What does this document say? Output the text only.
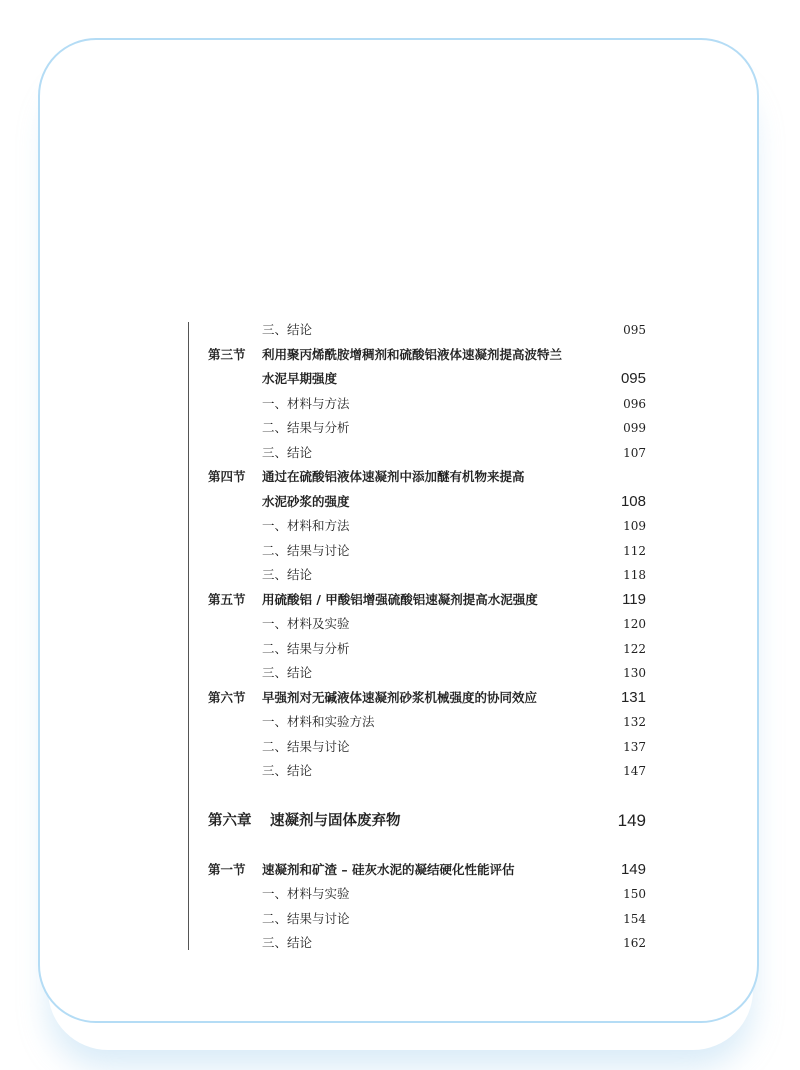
三、结论	095
第三节 利用聚丙烯酰胺增稠剂和硫酸铝液体速凝剂提高波特兰
水泥早期强度	095
一、材料与方法	096
二、结果与分析	099
三、结论	107
第四节 通过在硫酸铝液体速凝剂中添加醚有机物来提高
水泥砂浆的强度	108
一、材料和方法	109
二、结果与讨论	112
三、结论	118
第五节 用硫酸铝 / 甲酸铝增强硫酸铝速凝剂提高水泥强度	119
一、材料及实验	120
二、结果与分析	122
三、结论	130
第六节 早强剂对无碱液体速凝剂砂浆机械强度的协同效应	131
一、材料和实验方法	132
二、结果与讨论	137
三、结论	147
第六章 速凝剂与固体废弃物	149
第一节 速凝剂和矿渣 – 硅灰水泥的凝结硬化性能评估	149
一、材料与实验	150
二、结果与讨论	154
三、结论	162
